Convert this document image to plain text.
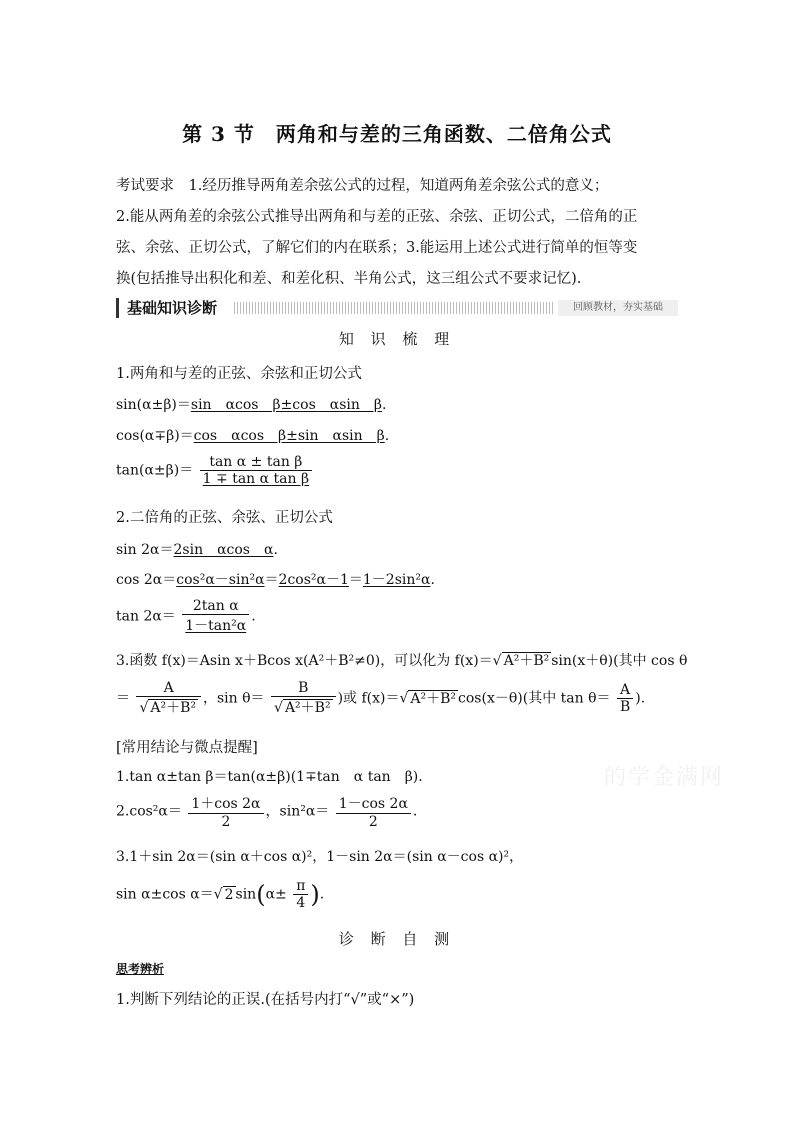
第 3 节　两角和与差的三角函数、二倍角公式
考试要求　1.经历推导两角差余弦公式的过程，知道两角差余弦公式的意义；
2.能从两角差的余弦公式推导出两角和与差的正弦、余弦、正切公式，二倍角的正
弦、余弦、正切公式，了解它们的内在联系；3.能运用上述公式进行简单的恒等变
换(包括推导出积化和差、和差化积、半角公式，这三组公式不要求记忆).
基础知识诊断	回顾教材，夯实基础
知 识 梳 理
1.两角和与差的正弦、余弦和正切公式
sin(α±β)＝sin　αcos　β±cos　αsin　β.
cos(α∓β)＝cos　αcos　β±sin　αsin　β.
$\tan(\alpha\pm\beta)= \frac{\text{tan α ± tan β}}{\text{1 ∓ tan α tan β}}$
2.二倍角的正弦、余弦、正切公式
sin 2α＝2sin　αcos　α.
cos 2α＝cos²α－sin²α＝2cos²α－1＝1－2sin²α.
$\tan 2\alpha= \frac{\text{2tan α}}{\text{1－tan²α}}$ .
3.函数 f(x)＝Asin x＋Bcos x(A²＋B²≠0)，可以化为 f(x)＝√ A²＋B² sin(x＋θ)(其中 cos θ
＝ $\frac{A}{\text{√ A²＋B²}}$ ，$\sin \theta= \frac{B}{\text{√ A²＋B²}}$ )或 f(x)＝√ A²＋B² cos(x－θ)(其中 $\tan \theta= \frac{A}{B}$ ).
[常用结论与微点提醒]
1.tan α±tan β＝tan(α±β)(1∓tan　α tan　β).
$2.\cos^2\alpha= \frac{1+\cos 2\alpha}{2}$ ，$\sin^2\alpha= \frac{1-\cos 2\alpha}{2}$ .
3.1＋sin 2α＝(sin α＋cos α)²，1－sin 2α＝(sin α－cos α)²，
sin α±cos α＝√ 2 $\sin(\alpha\pm \frac{\pi}{4}$ ).
诊 断 自 测
思考辨析
1.判断下列结论的正误.(在括号内打“√”或“×”)
的学金满网
